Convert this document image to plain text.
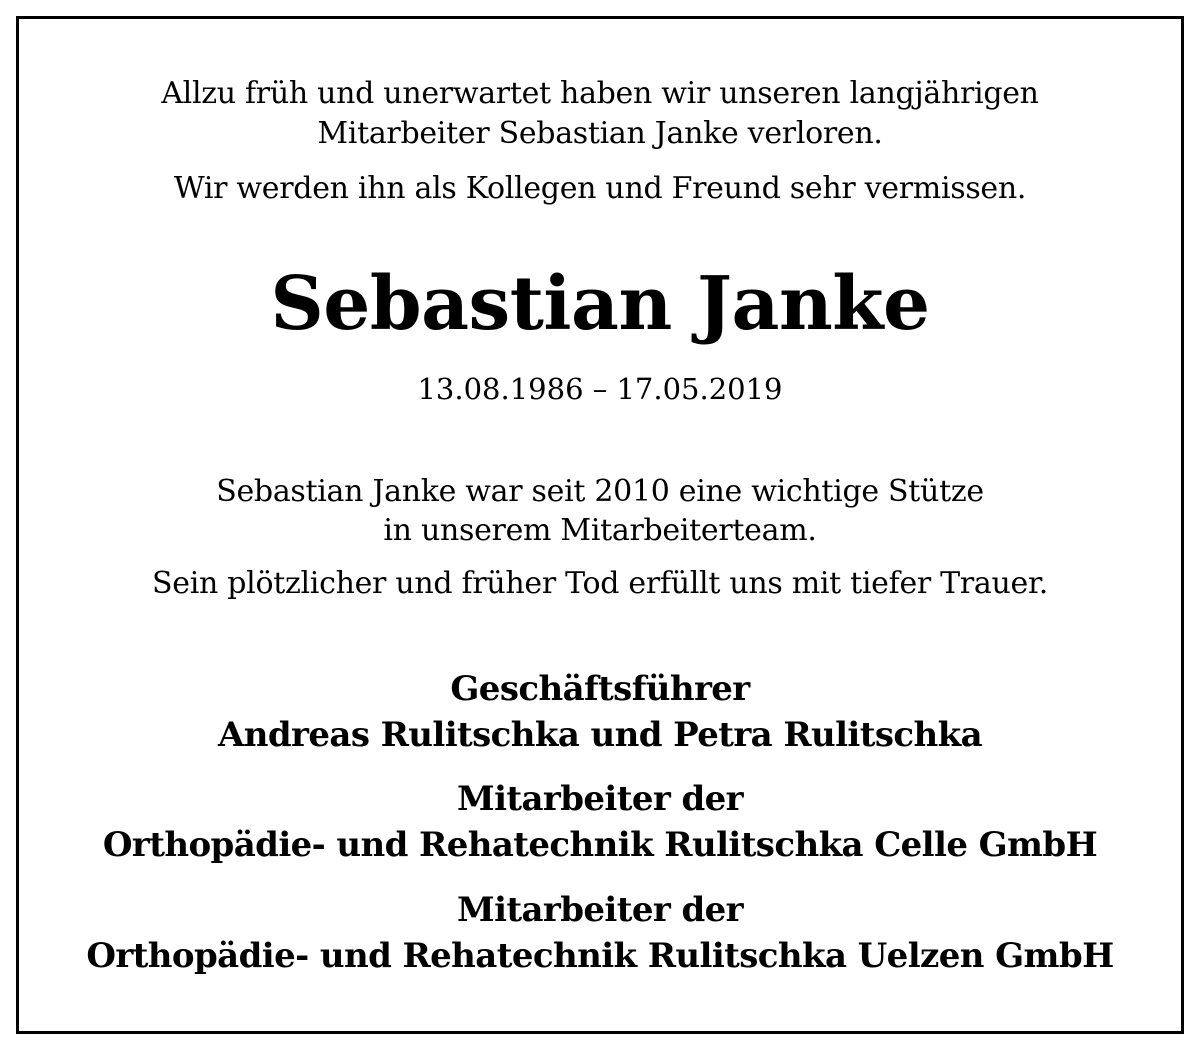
Allzu früh und unerwartet haben wir unseren langjährigen
Mitarbeiter Sebastian Janke verloren.
Wir werden ihn als Kollegen und Freund sehr vermissen.
Sebastian Janke
13.08.1986 – 17.05.2019
Sebastian Janke war seit 2010 eine wichtige Stütze
in unserem Mitarbeiterteam.
Sein plötzlicher und früher Tod erfüllt uns mit tiefer Trauer.
Geschäftsführer
Andreas Rulitschka und Petra Rulitschka
Mitarbeiter der
Orthopädie- und Rehatechnik Rulitschka Celle GmbH
Mitarbeiter der
Orthopädie- und Rehatechnik Rulitschka Uelzen GmbH
